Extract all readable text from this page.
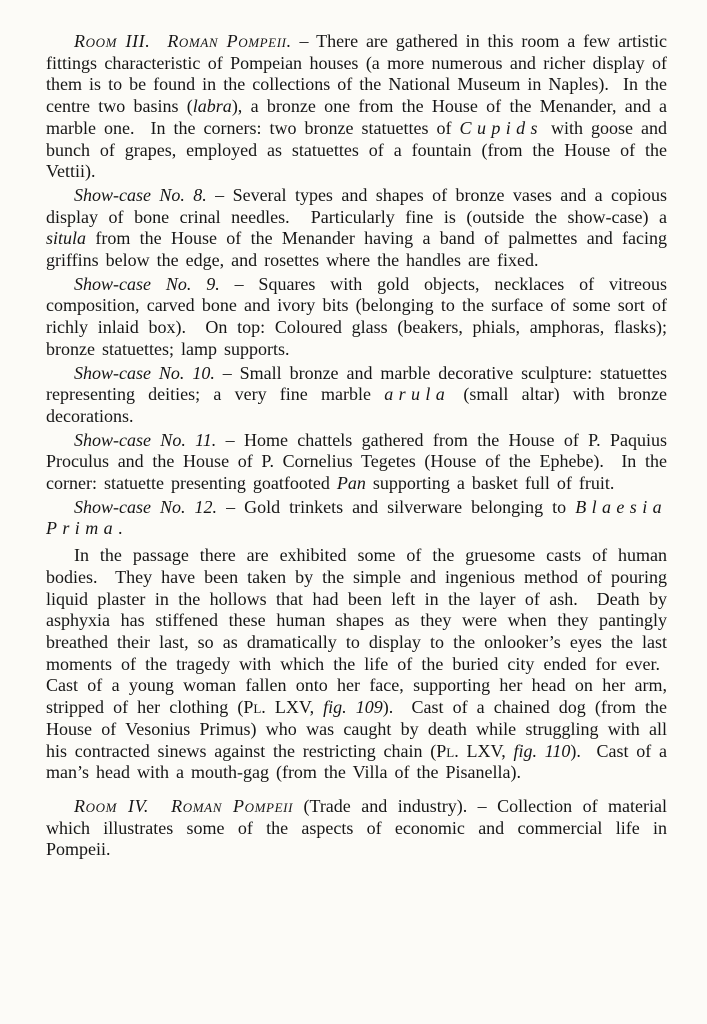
Room III.  Roman Pompeii. – There are gathered in this room a few artistic fittings characteristic of Pompeian houses (a more numerous and richer display of them is to be found in the collections of the National Museum in Naples).  In the centre two basins (labra), a bronze one from the House of the Menander, and a marble one.  In the corners: two bronze statuettes of Cupids with goose and bunch of grapes, employed as statuettes of a fountain (from the House of the Vettii).

Show-case No. 8. – Several types and shapes of bronze vases and a copious display of bone crinal needles.  Particularly fine is (outside the show-case) a situla from the House of the Menander having a band of palmettes and facing griffins below the edge, and rosettes where the handles are fixed.

Show-case No. 9. – Squares with gold objects, necklaces of vitreous composition, carved bone and ivory bits (belonging to the surface of some sort of richly inlaid box).  On top: Coloured glass (beakers, phials, amphoras, flasks); bronze statuettes; lamp supports.

Show-case No. 10. – Small bronze and marble decorative sculpture: statuettes representing deities; a very fine marble arula (small altar) with bronze decorations.

Show-case No. 11. – Home chattels gathered from the House of P. Paquius Proculus and the House of P. Cornelius Tegetes (House of the Ephebe).  In the corner: statuette presenting goatfooted Pan supporting a basket full of fruit.

Show-case No. 12. – Gold trinkets and silverware belonging to Blaesia Prima.

In the passage there are exhibited some of the gruesome casts of human bodies.  They have been taken by the simple and ingenious method of pouring liquid plaster in the hollows that had been left in the layer of ash.  Death by asphyxia has stiffened these human shapes as they were when they pantingly breathed their last, so as dramatically to display to the onlooker’s eyes the last moments of the tragedy with which the life of the buried city ended for ever.  Cast of a young woman fallen onto her face, supporting her head on her arm, stripped of her clothing (Pl. LXV, fig. 109).  Cast of a chained dog (from the House of Vesonius Primus) who was caught by death while struggling with all his contracted sinews against the restricting chain (Pl. LXV, fig. 110).  Cast of a man’s head with a mouth-gag (from the Villa of the Pisanella).

Room IV.  Roman Pompeii (Trade and industry). – Collection of material which illustrates some of the aspects of economic and commercial life in Pompeii.
